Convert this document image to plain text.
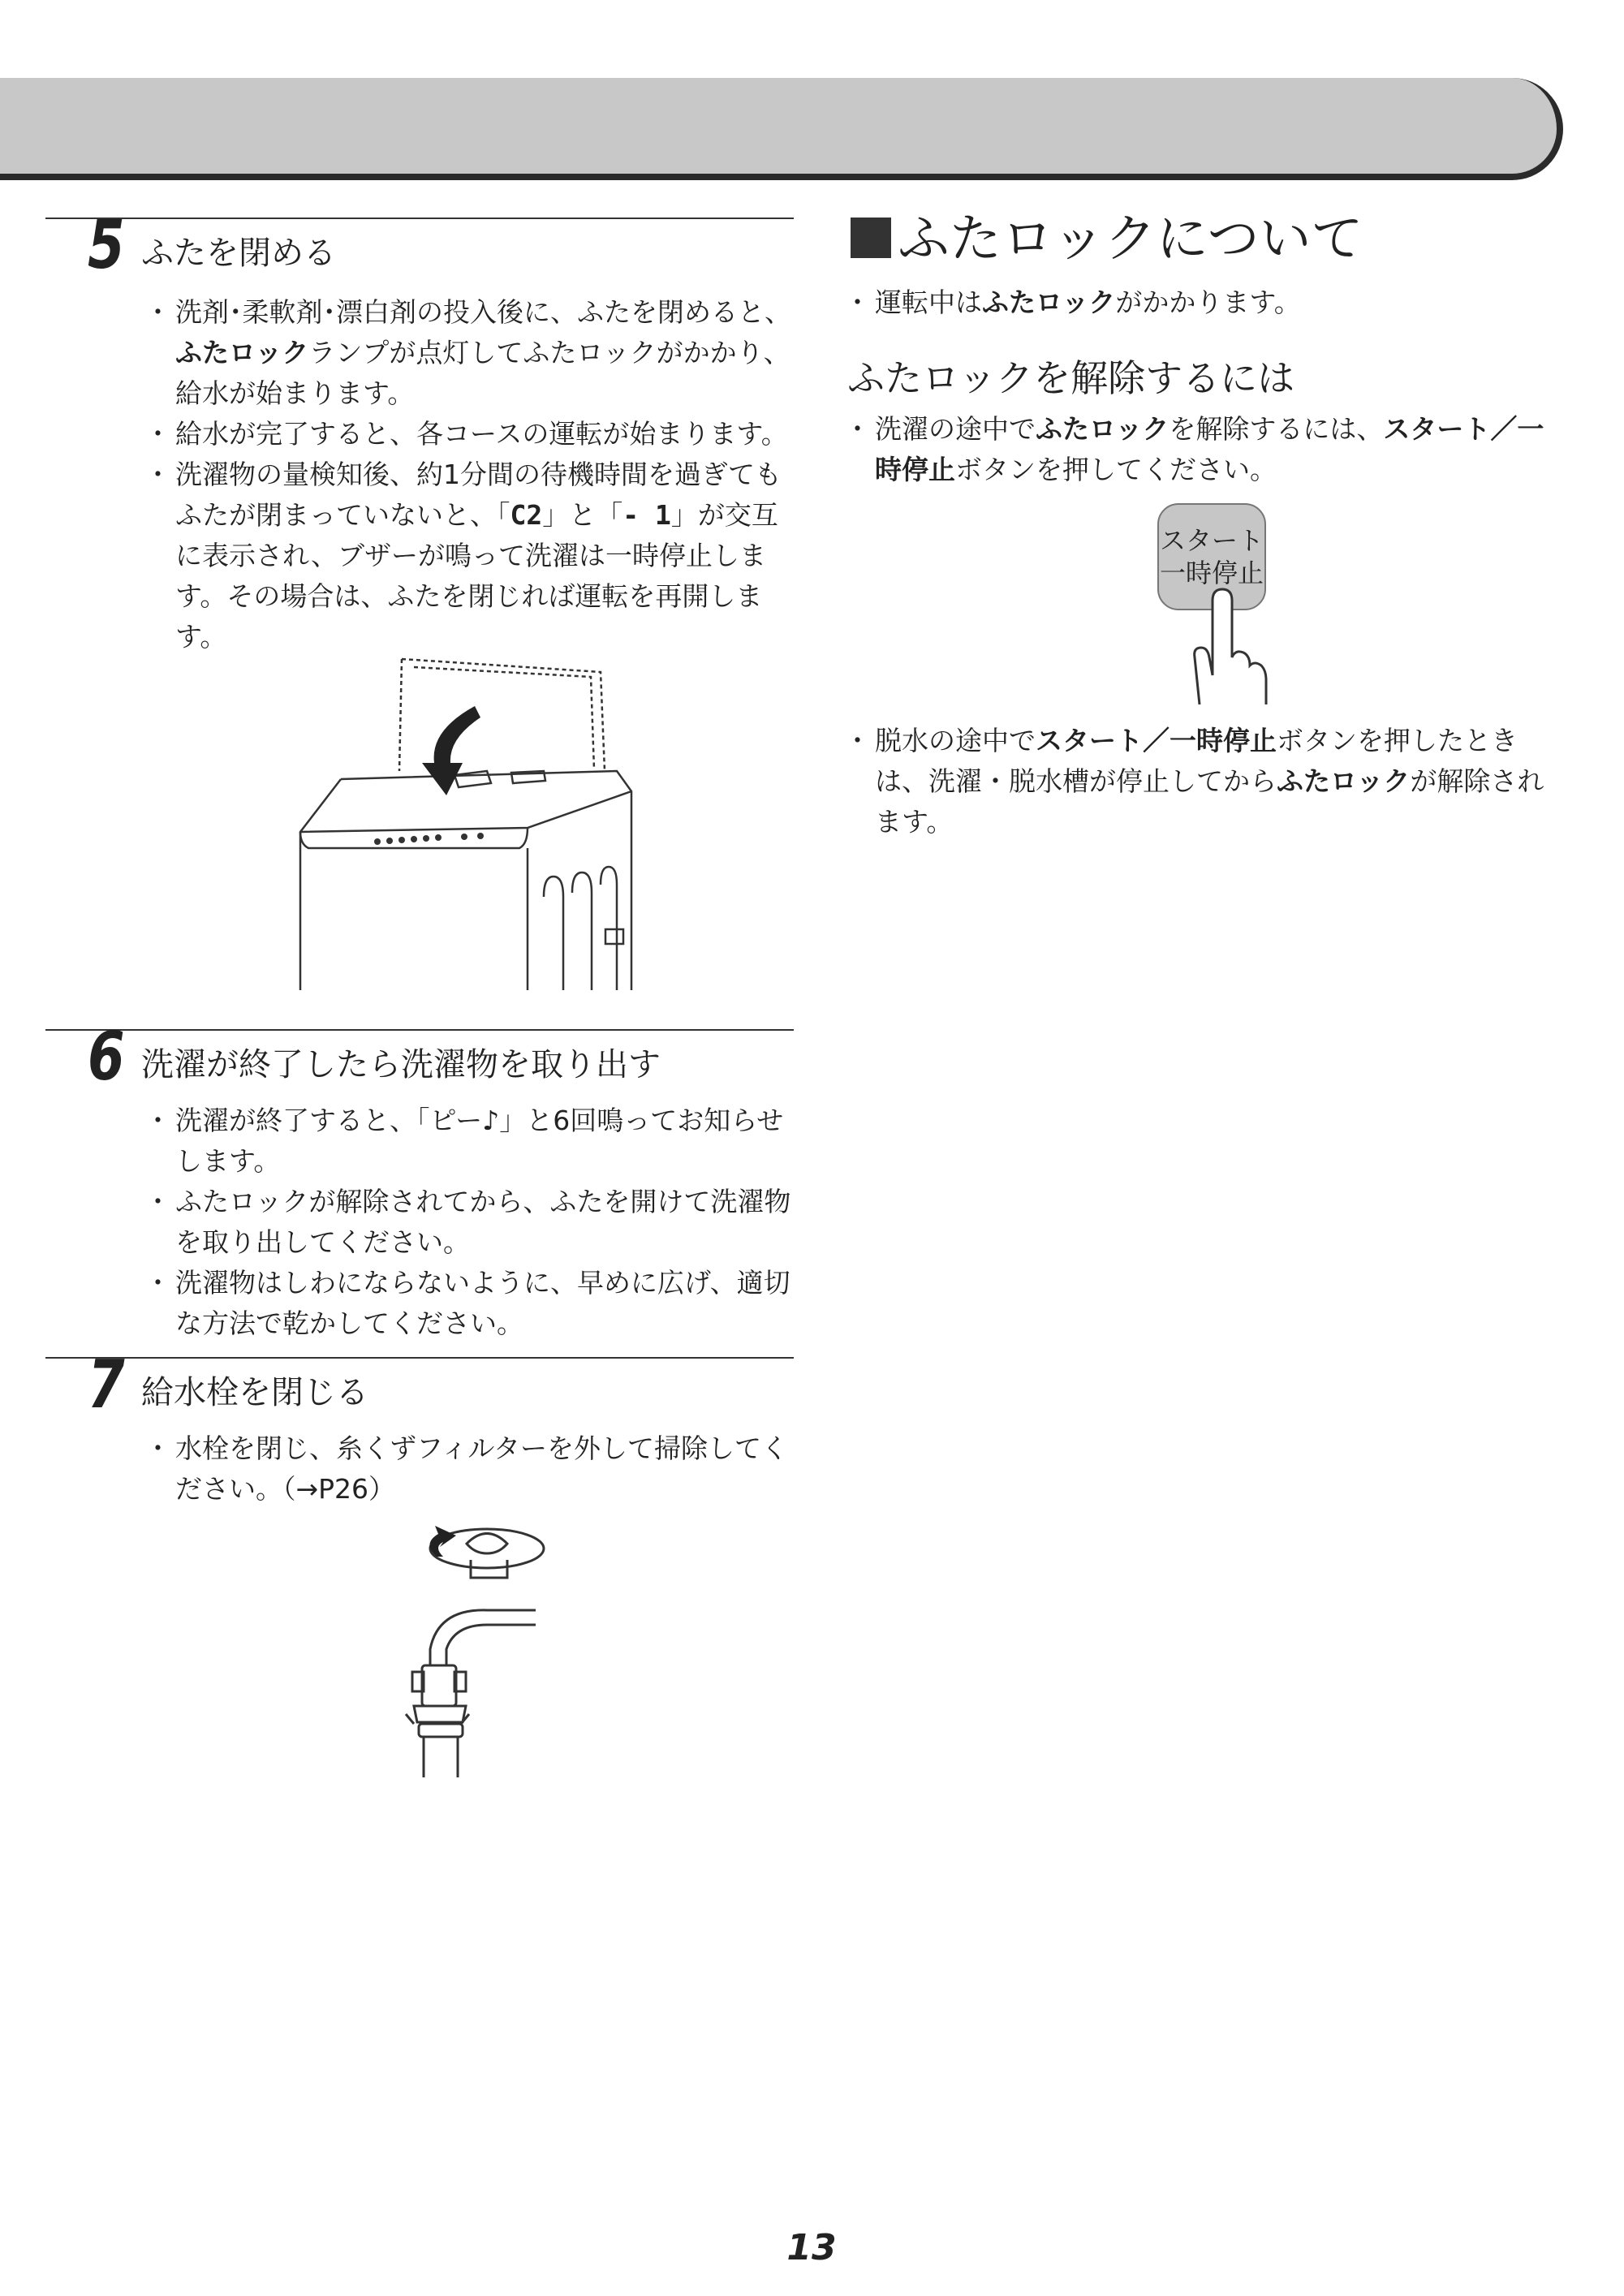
5 ふたを閉める
・ 洗剤･柔軟剤･漂白剤の投入後に、ふたを閉めると、ふたロックランプが点灯してふたロックがかかり、給水が始まります。
・ 給水が完了すると、各コースの運転が始まります。
・ 洗濯物の量検知後、約1分間の待機時間を過ぎてもふたが閉まっていないと、「C2」と「- 1」が交互に表示され、ブザーが鳴って洗濯は一時停止します。その場合は、ふたを閉じれば運転を再開します。
6 洗濯が終了したら洗濯物を取り出す
・ 洗濯が終了すると、「ピー♪」と6回鳴ってお知らせします。
・ ふたロックが解除されてから、ふたを開けて洗濯物を取り出してください。
・ 洗濯物はしわにならないように、早めに広げ、適切な方法で乾かしてください。
7 給水栓を閉じる
・ 水栓を閉じ、糸くずフィルターを外して掃除してください。（→P26）
ふたロックについて
・ 運転中はふたロックがかかります。
ふたロックを解除するには
・ 洗濯の途中でふたロックを解除するには、スタート／一時停止ボタンを押してください。
スタート
一時停止
・ 脱水の途中でスタート／一時停止ボタンを押したときは、洗濯・脱水槽が停止してからふたロックが解除されます。
13
